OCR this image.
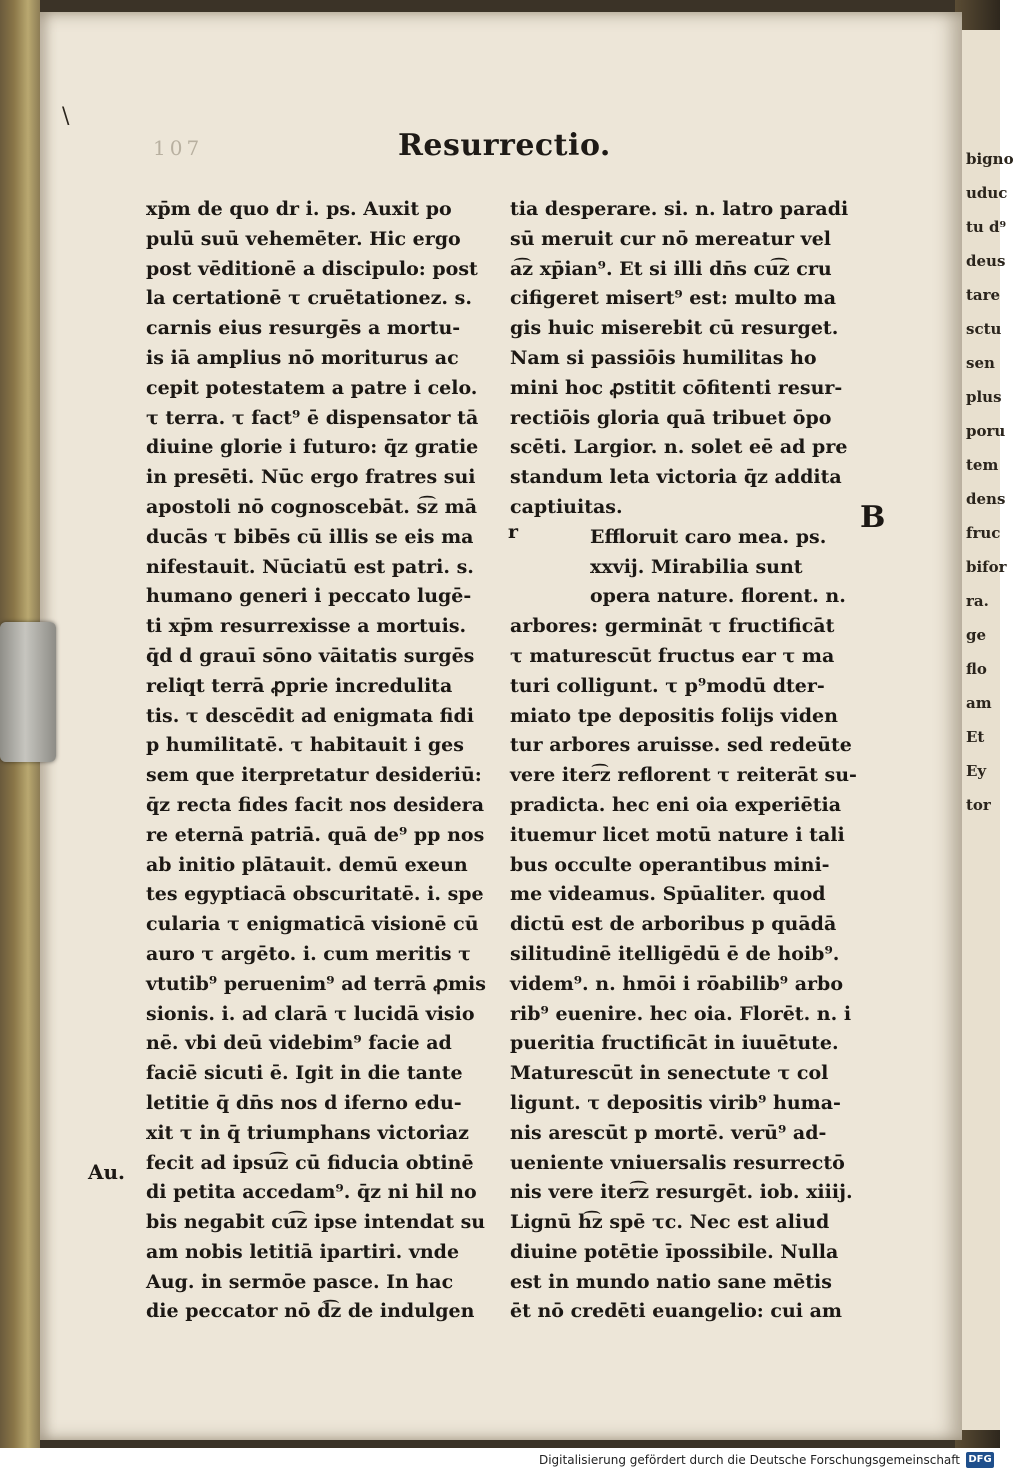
bigno
uduc
tu d⁹
deus
tare
sctu
sen
plus
poru
tem
dens
fruc
bifor
ra.
ge
flo
am
Et
Ey
tor
\
107	Resurrectio.
xp̄m de quo dr i. ps. Auxit po
pulū suū vehemēter. Hic ergo
post vēditionē a discipulo: post
la certationē τ cruētationez. s.
carnis eius resurgēs a mortu-
is iā amplius nō moriturus ac
cepit potestatem a patre i celo.
τ terra. τ fact⁹ ē dispensator tā
diuine glorie i futuro: q̄z gratie
in presēti. Nūc ergo fratres sui
apostoli nō cognoscebāt. s͡z mā
ducās τ bibēs cū illis se eis ma
nifestauit. Nūciatū est patri. s.
humano generi i peccato lugē-
ti xp̄m resurrexisse a mortuis.
q̄d d grauī sōno vāitatis surgēs
reliqt terrā ꝓprie incredulita
tis. τ descēdit ad enigmata fidi
p humilitatē. τ habitauit i ges
sem que iterpretatur desideriū:
q̄z recta fides facit nos desidera
re eternā patriā. quā de⁹ pp nos
ab initio plātauit. demū exeun
tes egyptiacā obscuritatē. i. spe
cularia τ enigmaticā visionē cū
auro τ argēto. i. cum meritis τ
vtutib⁹ peruenim⁹ ad terrā ꝓmis
sionis. i. ad clarā τ lucidā visio
nē. vbi deū videbim⁹ facie ad
faciē sicuti ē. Igit in die tante
letitie q̄ dn̄s nos d iferno edu-
xit τ in q̄ triumphans victoriaz
fecit ad ipsu͡z cū fiducia obtinē
di petita accedam⁹. q̄z ni hil no
bis negabit cu͡z ipse intendat su
am nobis letitiā ipartiri. vnde
Aug. in sermōe pasce. In hac
die peccator nō d͡z de indulgen
tia desperare. si. n. latro paradi
sū meruit cur nō mereatur vel
a͡z xp̄ian⁹. Et si illi dn̄s cu͡z cru
cifigeret misert⁹ est: multo ma
gis huic miserebit cū resurget.
Nam si passiōis humilitas ho
mini hoc ꝓstitit cōfitenti resur-
rectiōis gloria quā tribuet ōpo
scēti. Largior. n. solet eē ad pre
standum leta victoria q̄z addita
captiuitas.
Effloruit caro mea. ps.
xxvij. Mirabilia sunt
opera nature. florent. n.
arbores: germināt τ fructificāt
τ maturescūt fructus ear τ ma
turi colligunt. τ p⁹modū dter-
miato tpe depositis folijs viden
tur arbores aruisse. sed redeūte
vere iter͡z reflorent τ reiterāt su-
pradicta. hec eni oia experiētia
ituemur licet motū nature i tali
bus occulte operantibus mini-
me videamus. Spūaliter. quod
dictū est de arboribus p quādā
silitudinē itelligēdū ē de hoib⁹.
videm⁹. n. hmōi i rōabilib⁹ arbo
rib⁹ euenire. hec oia. Florēt. n. i
pueritia fructificāt in iuuētute.
Maturescūt in senectute τ col
ligunt. τ depositis virib⁹ huma-
nis arescūt p mortē. verū⁹ ad-
ueniente vniuersalis resurrectō
nis vere iter͡z resurgēt. iob. xiiij.
Lignū h͡z spē τc. Nec est aliud
diuine potētie īpossibile. Nulla
est in mundo natio sane mētis
ēt nō credēti euangelio: cui am
Au.
r	B
Digitalisierung gefördert durch die Deutsche Forschungsgemeinschaft DFG
